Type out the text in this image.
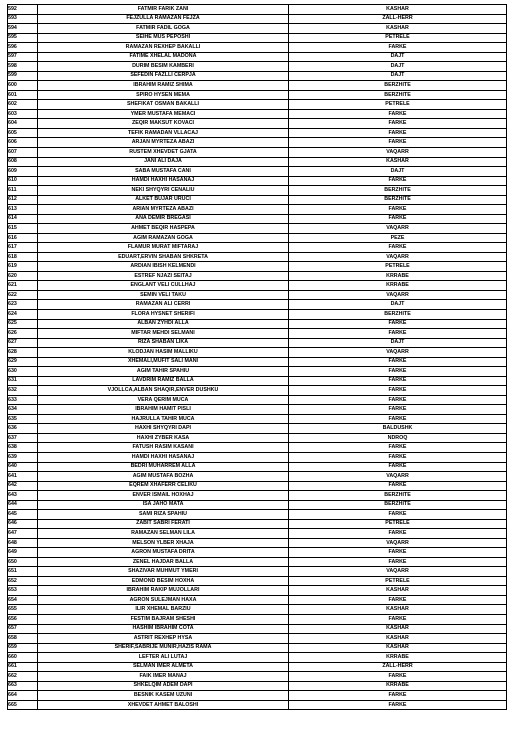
592	FATMIR FARIK ZANI	KASHAR
593	FEJZULLA RAMAZAN FEJZA	ZALL-HERR
594	FATMIR FADIL GOGA	KASHAR
595	SEIHE MUS PEPOSHI	PETRELE
596	RAMAZAN REXHEP BAKALLI	FARKE
597	FATIME XHELAL MADONA	DAJT
598	DURIM BESIM KAMBERI	DAJT
599	SEFEDIN FAZLLI CERPJA	DAJT
600	IBRAHIM RAMIZ SHIMA	BERZHITE
601	SPIRO HYSEN MEMA	BERZHITE
602	SHEFIKAT OSMAN BAKALLI	PETRELE
603	YMER MUSTAFA MEMACI	FARKE
604	ZEQIR MAKSUT KOVACI	FARKE
605	TEFIK RAMADAN VLLACAJ	FARKE
606	ARJAN MYRTEZA ABAZI	FARKE
607	RUSTEM XHEVDET GJATA	VAQARR
608	JANI ALI DAJA	KASHAR
609	SABA MUSTAFA CANI	DAJT
610	HAMDI HAXHI HASANAJ	FARKE
611	NEKI SHYQYRI CENALIU	BERZHITE
612	ALKET BUJAR URUCI	BERZHITE
613	ARIAN MYRTEZA ABAZI	FARKE
614	ANA DEMIR BREGASI	FARKE
615	AHMET BEQIR HASPEPA	VAQARR
616	AGIM RAMAZAN GOGA	PEZE
617	FLAMUR MURAT MIFTARAJ	FARKE
618	EDUART,ERVIN SHABAN SHKRETA	VAQARR
619	ARDIAN IBISH KELMENDI	PETRELE
620	ESTREF NJAZI SEITAJ	KRRABE
621	ENGLANT VELI CULLHAJ	KRRABE
622	SEMIN VELI TAKU	VAQARR
623	RAMAZAN ALI CERRI	DAJT
624	FLORA HYSNET SHERIFI	BERZHITE
625	ALBAN ZYHDI ALLA	FARKE
626	MIFTAR MEHDI SELMANI	FARKE
627	RIZA SHABAN LIKA	DAJT
628	KLODJAN HASIM MALLIKU	VAQARR
629	XHEMALI,MUFIT SALI MANI	FARKE
630	AGIM TAHIR SPAHIU	FARKE
631	LAVDRIM RAMIZ BALLA	FARKE
632	VJOLLCA,ALBAN SHAQIR,ENVER DUSHKU	FARKE
633	VERA QERIM MUCA	FARKE
634	IBRAHIM HAMIT PISLI	FARKE
635	HAJRULLA TAHIR MUCA	FARKE
636	HAXHI SHYQYRI DAPI	BALDUSHK
637	HAXHI ZYBER KASA	NDROQ
638	FATUSH RASIM KASANI	FARKE
639	HAMDI HAXHI HASANAJ	FARKE
640	BEDRI MUHARREM ALLA	FARKE
641	AGIM MUSTAFA BOZHA	VAQARR
642	EQREM XHAFERR CELIKU	FARKE
643	ENVER ISMAIL HOXHAJ	BERZHITE
644	ISA JAHO MATA	BERZHITE
645	SAMI RIZA SPAHIU	FARKE
646	ZABIT SABRI FERATI	PETRELE
647	RAMAZAN SELMAN LILA	FARKE
648	MELSON YLBER XHAJA	VAQARR
649	AGRON MUSTAFA DRITA	FARKE
650	ZENEL HAJDAR BALLA	FARKE
651	SHAZIVAR MUHMUT YMERI	VAQARR
652	EDMOND BESIM HOXHA	PETRELE
653	IBRAHIM RAKIP MUJOLLARI	KASHAR
654	AGRON SULEJMAN HAXA	FARKE
655	ILIR XHEMAL BARZIU	KASHAR
656	FESTIM BAJRAM SHESHI	FARKE
657	HASHIM IBRAHIM COTA	KASHAR
658	ASTRIT REXHEP HYSA	KASHAR
659	SHERIF,SABRIJE MUNIR,HAZIS RAMA	KASHAR
660	LEFTER ALI LUTAJ	KRRABE
661	SELMAN IMER ALMETA	ZALL-HERR
662	FAIK IMER MANAJ	FARKE
663	SHKELQIM ADEM DAPI	KRRABE
664	BESNIK KASEM UZUNI	FARKE
665	XHEVDET AHMET BALOSHI	FARKE
